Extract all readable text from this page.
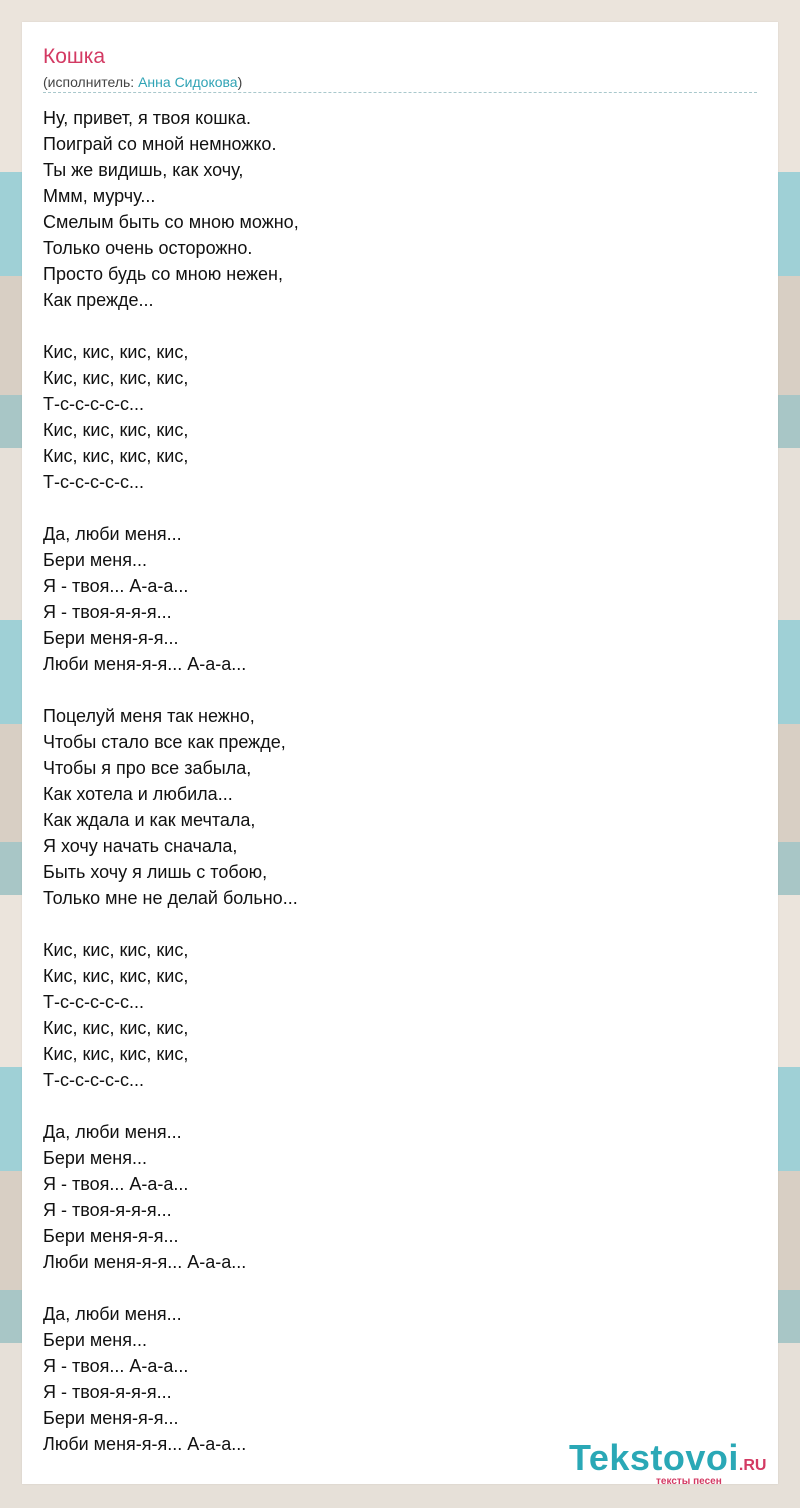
Кошка
(исполнитель: Анна Сидокова)
Ну, привет, я твоя кошка.
Поиграй со мной немножко.
Ты же видишь, как хочу,
Ммм, мурчу...
Смелым быть со мною можно,
Только очень осторожно.
Просто будь со мною нежен,
Как прежде...
Кис, кис, кис, кис,
Кис, кис, кис, кис,
Т-с-с-с-с-с...
Кис, кис, кис, кис,
Кис, кис, кис, кис,
Т-с-с-с-с-с...
Да, люби меня...
Бери меня...
Я - твоя... А-а-а...
Я - твоя-я-я-я...
Бери меня-я-я...
Люби меня-я-я... А-а-а...
Поцелуй меня так нежно,
Чтобы стало все как прежде,
Чтобы я про все забыла,
Как хотела и любила...
Как ждала и как мечтала,
Я хочу начать сначала,
Быть хочу я лишь с тобою,
Только мне не делай больно...
Кис, кис, кис, кис,
Кис, кис, кис, кис,
Т-с-с-с-с-с...
Кис, кис, кис, кис,
Кис, кис, кис, кис,
Т-с-с-с-с-с...
Да, люби меня...
Бери меня...
Я - твоя... А-а-а...
Я - твоя-я-я-я...
Бери меня-я-я...
Люби меня-я-я... А-а-а...
Да, люби меня...
Бери меня...
Я - твоя... А-а-а...
Я - твоя-я-я-я...
Бери меня-я-я...
Люби меня-я-я... А-а-а...	Tekstovoi.RU
тексты песен
